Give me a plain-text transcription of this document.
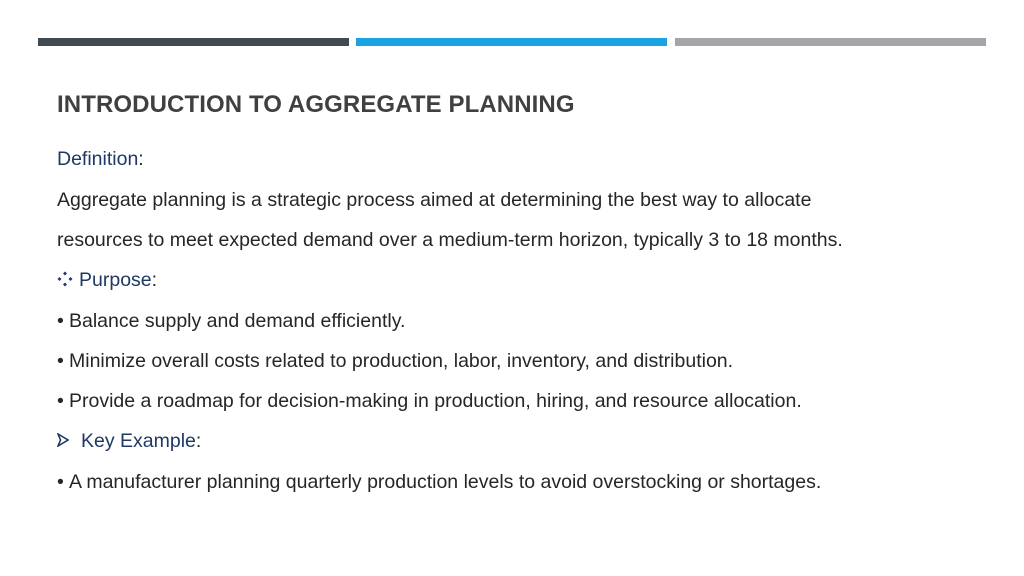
INTRODUCTION TO AGGREGATE PLANNING
Definition:
Aggregate planning is a strategic process aimed at determining the best way to allocate
resources to meet expected demand over a medium-term horizon, typically 3 to 18 months.
Purpose:
• Balance supply and demand efficiently.
• Minimize overall costs related to production, labor, inventory, and distribution.
• Provide a roadmap for decision-making in production, hiring, and resource allocation.
Key Example:
• A manufacturer planning quarterly production levels to avoid overstocking or shortages.
